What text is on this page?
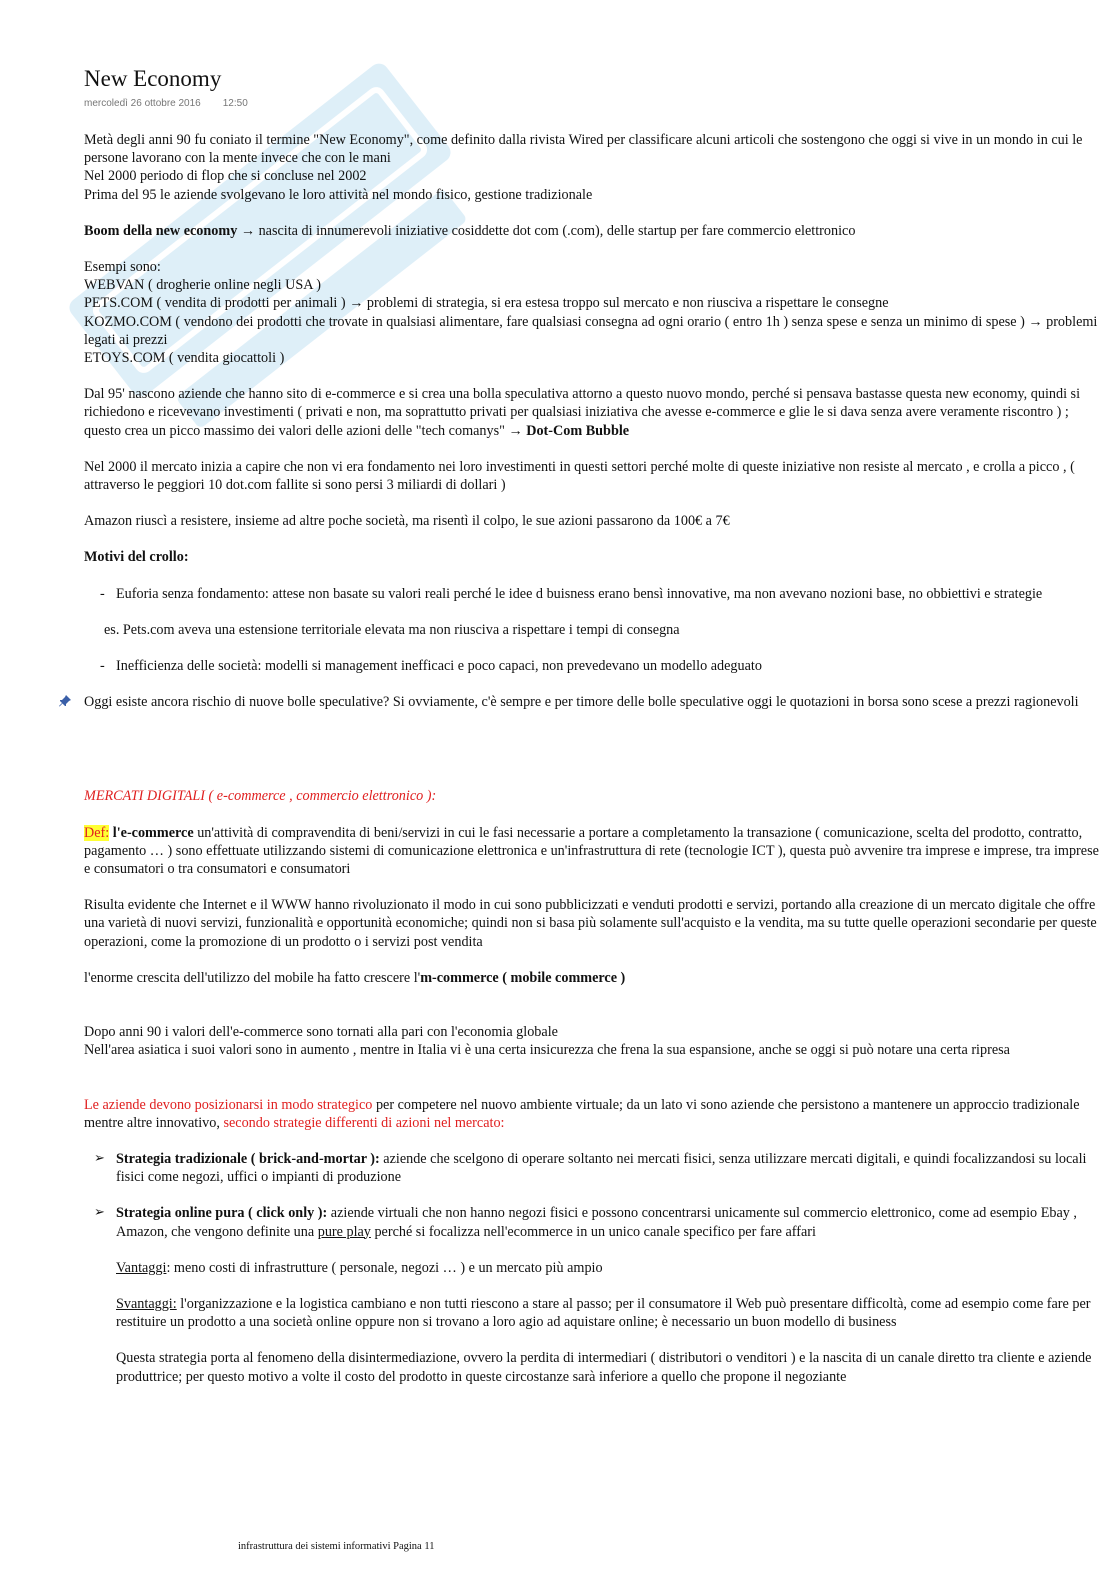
New Economy
mercoledì 26 ottobre 2016 12:50

Metà degli anni 90 fu coniato il termine "New Economy", come definito dalla rivista Wired per classificare alcuni articoli che sostengono che oggi si vive in un mondo in cui le persone lavorano con la mente invece che con le mani
Nel 2000 periodo di flop che si concluse nel 2002
Prima del 95 le aziende svolgevano le loro attività nel mondo fisico, gestione tradizionale

Boom della new economy → nascita di innumerevoli iniziative cosiddette dot com (.com), delle startup per fare commercio elettronico

Esempi sono:
WEBVAN ( drogherie online negli USA )
PETS.COM ( vendita di prodotti per animali ) → problemi di strategia, si era estesa troppo sul mercato e non riusciva a rispettare le consegne
KOZMO.COM ( vendono dei prodotti che trovate in qualsiasi alimentare, fare qualsiasi consegna ad ogni orario ( entro 1h ) senza spese e senza un minimo di spese ) → problemi legati ai prezzi
ETOYS.COM ( vendita giocattoli )

Dal 95' nascono aziende che hanno sito di e-commerce e si crea una bolla speculativa attorno a questo nuovo mondo, perché si pensava bastasse questa new economy, quindi si richiedono e ricevevano investimenti ( privati e non, ma soprattutto privati per qualsiasi iniziativa che avesse e-commerce e glie le si dava senza avere veramente riscontro ) ; questo crea un picco massimo dei valori delle azioni delle "tech comanys" → Dot-Com Bubble

Nel 2000 il mercato inizia a capire che non vi era fondamento nei loro investimenti in questi settori perché molte di queste iniziative non resiste al mercato , e crolla a picco , ( attraverso le peggiori 10 dot.com fallite si sono persi 3 miliardi di dollari )

Amazon riuscì a resistere, insieme ad altre poche società, ma risentì il colpo, le sue azioni passarono da 100€ a 7€

Motivi del crollo:

- Euforia senza fondamento: attese non basate su valori reali perché le idee d buisness erano bensì innovative, ma non avevano nozioni base, no obbiettivi e strategie

es. Pets.com aveva una estensione territoriale elevata ma non riusciva a rispettare i tempi di consegna

- Inefficienza delle società: modelli si management inefficaci e poco capaci, non prevedevano un modello adeguato

Oggi esiste ancora rischio di nuove bolle speculative? Si ovviamente, c'è sempre e per timore delle bolle speculative oggi le quotazioni in borsa sono scese a prezzi ragionevoli

MERCATI DIGITALI ( e-commerce , commercio elettronico ):

Def: l'e-commerce un'attività di compravendita di beni/servizi in cui le fasi necessarie a portare a completamento la transazione ( comunicazione, scelta del prodotto, contratto, pagamento … ) sono effettuate utilizzando sistemi di comunicazione elettronica e un'infrastruttura di rete (tecnologie ICT ), questa può avvenire tra imprese e imprese, tra imprese e consumatori o tra consumatori e consumatori

Risulta evidente che Internet e il WWW hanno rivoluzionato il modo in cui sono pubblicizzati e venduti prodotti e servizi, portando alla creazione di un mercato digitale che offre una varietà di nuovi servizi, funzionalità e opportunità economiche; quindi non si basa più solamente sull'acquisto e la vendita, ma su tutte quelle operazioni secondarie per queste operazioni, come la promozione di un prodotto o i servizi post vendita

l'enorme crescita dell'utilizzo del mobile ha fatto crescere l'm-commerce ( mobile commerce )

Dopo anni 90 i valori dell'e-commerce sono tornati alla pari con l'economia globale
Nell'area asiatica i suoi valori sono in aumento , mentre in Italia vi è una certa insicurezza che frena la sua espansione, anche se oggi si può notare una certa ripresa

Le aziende devono posizionarsi in modo strategico per competere nel nuovo ambiente virtuale; da un lato vi sono aziende che persistono a mantenere un approccio tradizionale mentre altre innovativo, secondo strategie differenti di azioni nel mercato:

➢ Strategia tradizionale ( brick-and-mortar ): aziende che scelgono di operare soltanto nei mercati fisici, senza utilizzare mercati digitali, e quindi focalizzandosi su locali fisici come negozi, uffici o impianti di produzione

➢ Strategia online pura ( click only ): aziende virtuali che non hanno negozi fisici e possono concentrarsi unicamente sul commercio elettronico, come ad esempio Ebay , Amazon, che vengono definite una pure play perché si focalizza nell'ecommerce in un unico canale specifico per fare affari

Vantaggi: meno costi di infrastrutture ( personale, negozi … ) e un mercato più ampio

Svantaggi: l'organizzazione e la logistica cambiano e non tutti riescono a stare al passo; per il consumatore il Web può presentare difficoltà, come ad esempio come fare per restituire un prodotto a una società online oppure non si trovano a loro agio ad aquistare online; è necessario un buon modello di business

Questa strategia porta al fenomeno della disintermediazione, ovvero la perdita di intermediari ( distributori o venditori ) e la nascita di un canale diretto tra cliente e aziende produttrice; per questo motivo a volte il costo del prodotto in queste circostanze sarà inferiore a quello che propone il negoziante

infrastruttura dei sistemi informativi Pagina 11
